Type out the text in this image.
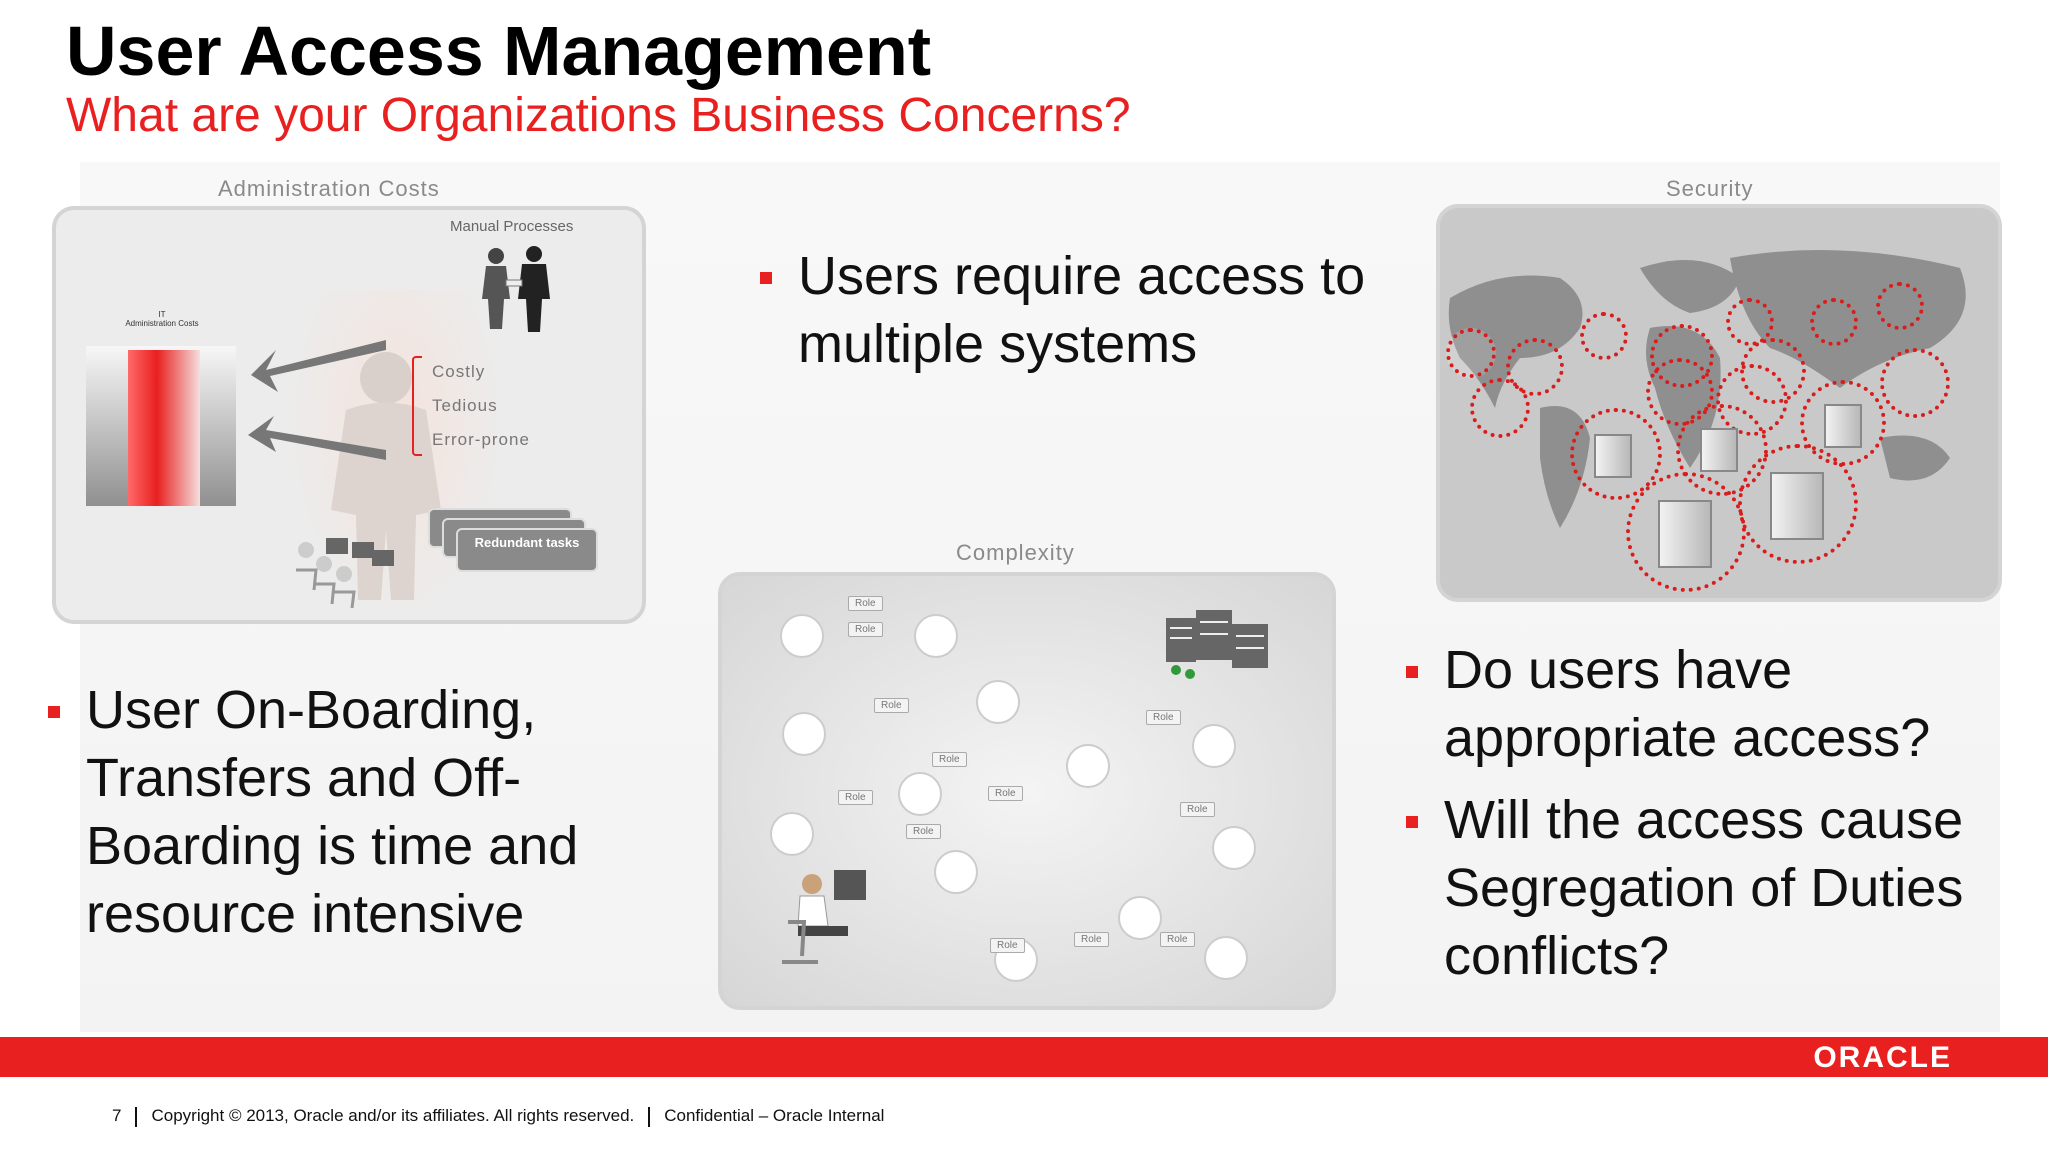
User Access Management
What are your Organizations Business Concerns?
Administration Costs
Manual Processes
IT
Administration Costs
Costly
Tedious
Error-prone
Redundant tasks
Users require access to multiple systems
Security
Complexity
Role
Role
Role
Role
Role
Role
Role
Role
Role
Role	Role
Role
User On-Boarding, Transfers and Off-Boarding is time and resource intensive
Do users have appropriate access?
Will the access cause Segregation of Duties conflicts?
ORACLE
7 Copyright © 2013, Oracle and/or its affiliates. All rights reserved. Confidential – Oracle Internal
